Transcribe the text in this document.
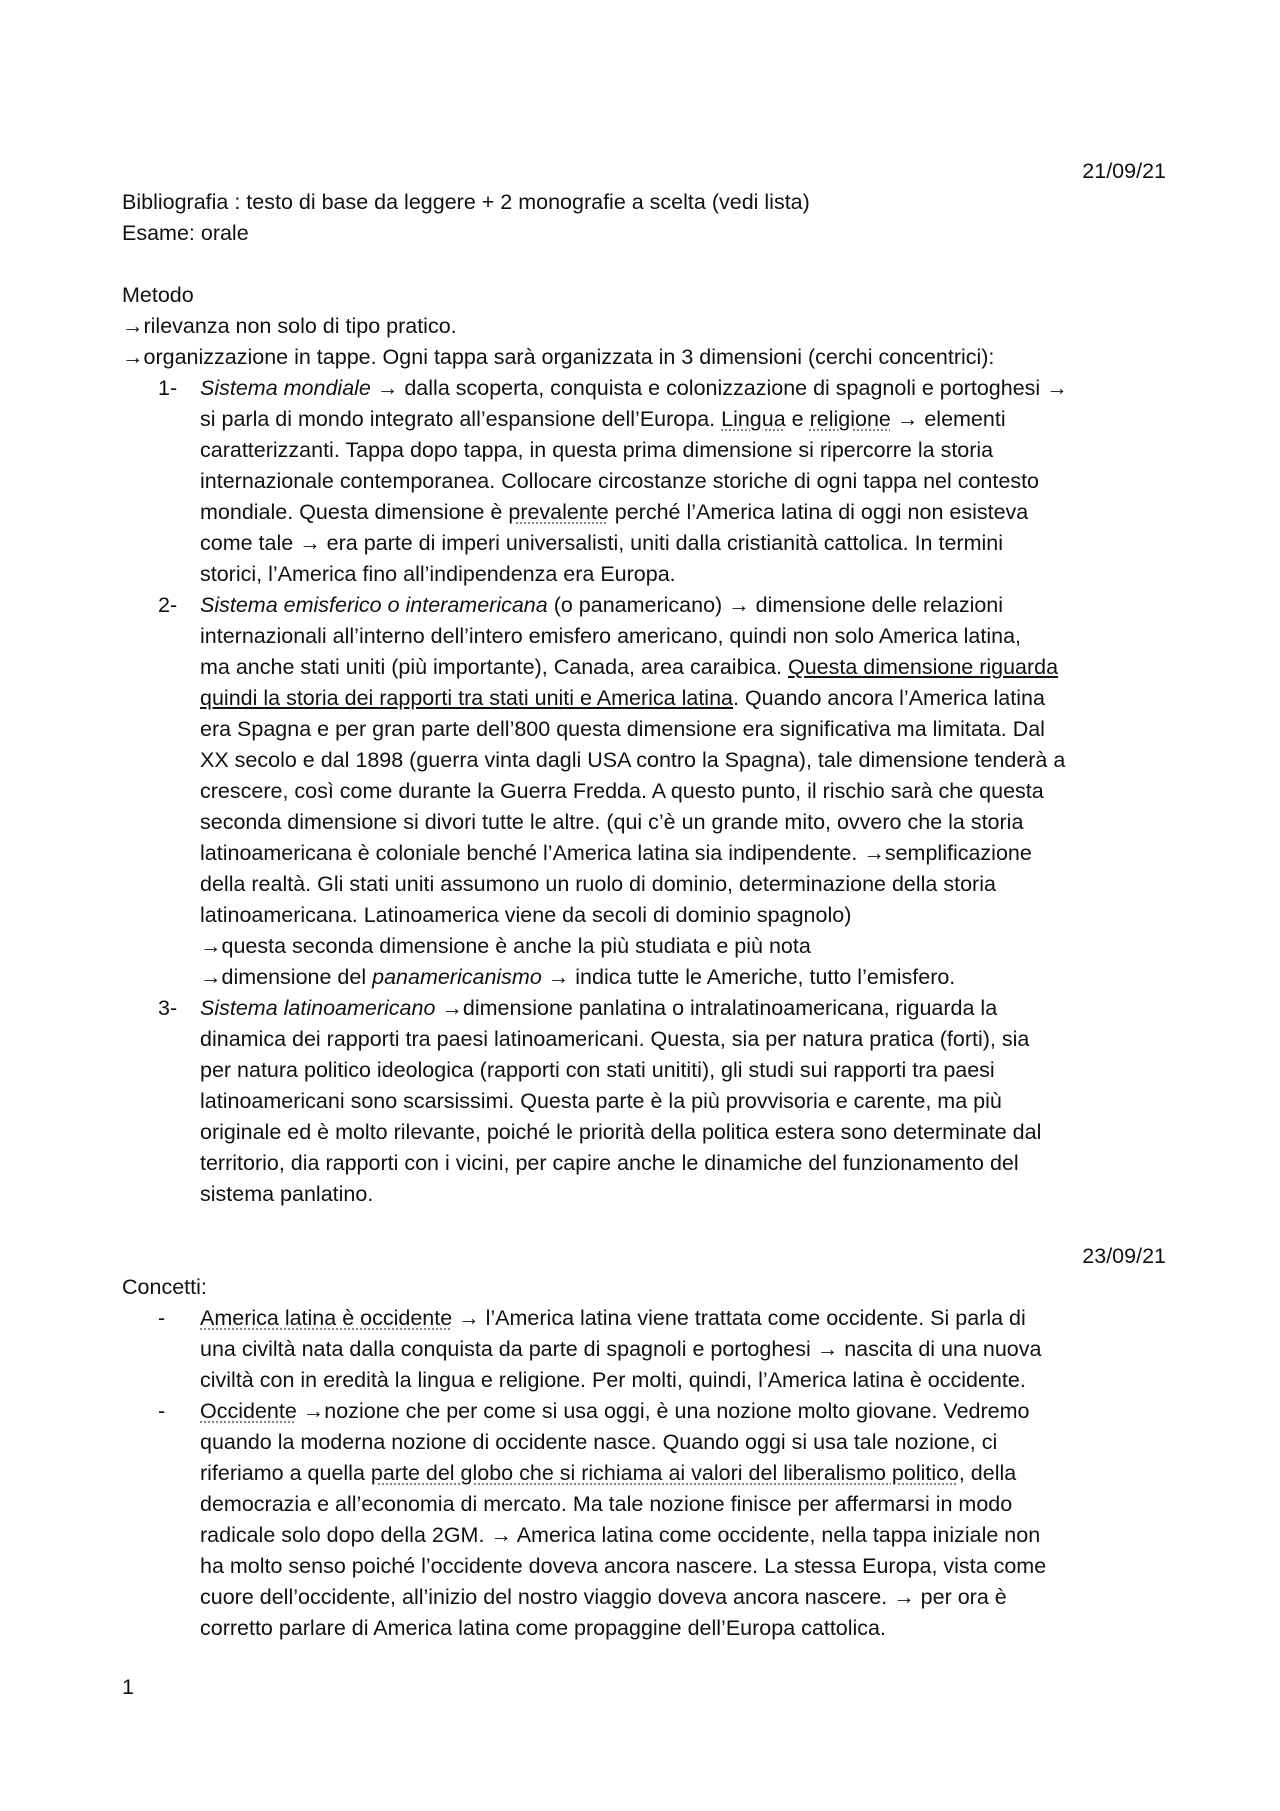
21/09/21
Bibliografia : testo di base da leggere + 2 monografie a scelta (vedi lista)
Esame: orale
Metodo
→rilevanza non solo di tipo pratico.
→organizzazione in tappe. Ogni tappa sarà organizzata in 3 dimensioni (cerchi concentrici):
1- Sistema mondiale → dalla scoperta, conquista e colonizzazione di spagnoli e portoghesi →
si parla di mondo integrato all’espansione dell’Europa. Lingua e religione → elementi
caratterizzanti. Tappa dopo tappa, in questa prima dimensione si ripercorre la storia
internazionale contemporanea. Collocare circostanze storiche di ogni tappa nel contesto
mondiale. Questa dimensione è prevalente perché l’America latina di oggi non esisteva
come tale → era parte di imperi universalisti, uniti dalla cristianità cattolica. In termini
storici, l’America fino all’indipendenza era Europa.
2- Sistema emisferico o interamericana (o panamericano) → dimensione delle relazioni
internazionali all’interno dell’intero emisfero americano, quindi non solo America latina,
ma anche stati uniti (più importante), Canada, area caraibica. Questa dimensione riguarda
quindi la storia dei rapporti tra stati uniti e America latina. Quando ancora l’America latina
era Spagna e per gran parte dell’800 questa dimensione era significativa ma limitata. Dal
XX secolo e dal 1898 (guerra vinta dagli USA contro la Spagna), tale dimensione tenderà a
crescere, così come durante la Guerra Fredda. A questo punto, il rischio sarà che questa
seconda dimensione si divori tutte le altre. (qui c’è un grande mito, ovvero che la storia
latinoamericana è coloniale benché l’America latina sia indipendente. →semplificazione
della realtà. Gli stati uniti assumono un ruolo di dominio, determinazione della storia
latinoamericana. Latinoamerica viene da secoli di dominio spagnolo)
→questa seconda dimensione è anche la più studiata e più nota
→dimensione del panamericanismo → indica tutte le Americhe, tutto l’emisfero.
3- Sistema latinoamericano →dimensione panlatina o intralatinoamericana, riguarda la
dinamica dei rapporti tra paesi latinoamericani. Questa, sia per natura pratica (forti), sia
per natura politico ideologica (rapporti con stati unititi), gli studi sui rapporti tra paesi
latinoamericani sono scarsissimi. Questa parte è la più provvisoria e carente, ma più
originale ed è molto rilevante, poiché le priorità della politica estera sono determinate dal
territorio, dia rapporti con i vicini, per capire anche le dinamiche del funzionamento del
sistema panlatino.
23/09/21
Concetti:
- America latina è occidente → l’America latina viene trattata come occidente. Si parla di
una civiltà nata dalla conquista da parte di spagnoli e portoghesi → nascita di una nuova
civiltà con in eredità la lingua e religione. Per molti, quindi, l’America latina è occidente.
- Occidente →nozione che per come si usa oggi, è una nozione molto giovane. Vedremo
quando la moderna nozione di occidente nasce. Quando oggi si usa tale nozione, ci
riferiamo a quella parte del globo che si richiama ai valori del liberalismo politico, della
democrazia e all’economia di mercato. Ma tale nozione finisce per affermarsi in modo
radicale solo dopo della 2GM. → America latina come occidente, nella tappa iniziale non
ha molto senso poiché l’occidente doveva ancora nascere. La stessa Europa, vista come
cuore dell’occidente, all’inizio del nostro viaggio doveva ancora nascere. → per ora è
corretto parlare di America latina come propaggine dell’Europa cattolica.
1
